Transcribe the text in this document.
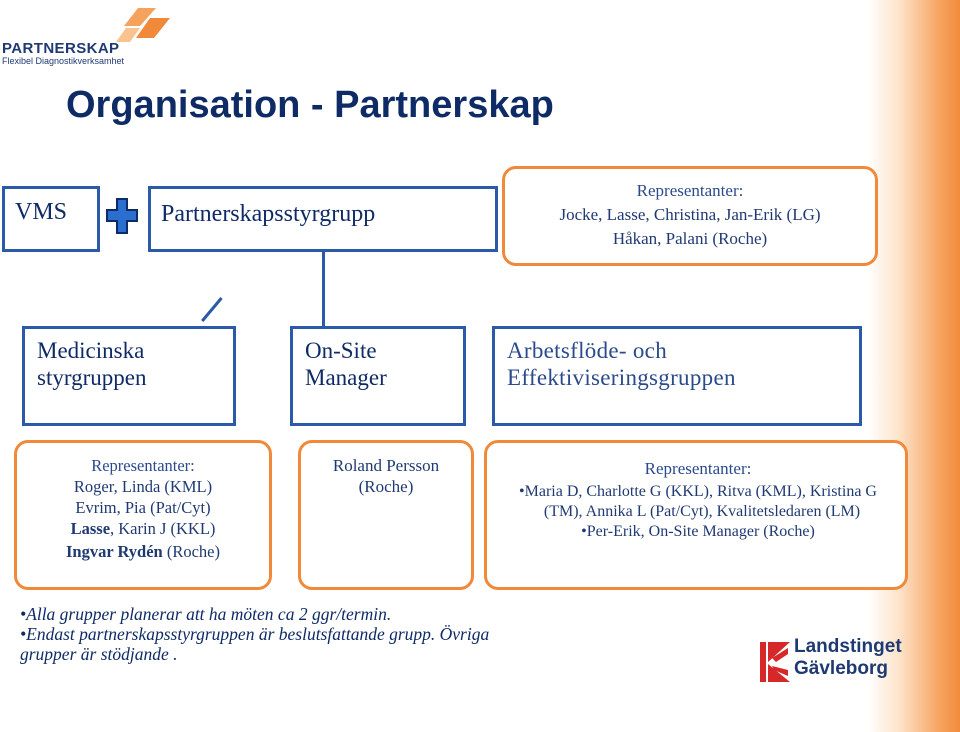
PARTNERSKAP
Flexibel Diagnostikverksamhet
Organisation - Partnerskap
VMS	Partnerskapsstyrgrupp
Representanter:
Jocke, Lasse, Christina, Jan-Erik (LG)
Håkan, Palani (Roche)
Medicinska
styrgruppen
On-Site
Manager
Arbetsflöde- och
Effektiviseringsgruppen
Representanter:
Roger, Linda (KML)
Evrim, Pia (Pat/Cyt)
Lasse, Karin J (KKL)
Ingvar Rydén (Roche)
Roland Persson
(Roche)
Representanter:
•Maria D, Charlotte G (KKL), Ritva (KML), Kristina G (TM), Annika L (Pat/Cyt), Kvalitetsledaren (LM)
•Per-Erik, On-Site Manager (Roche)
•Alla grupper planerar att ha möten ca 2 ggr/termin.
•Endast partnerskapsstyrgruppen är beslutsfattande grupp. Övriga grupper är stödjande .	Landstinget
Gävleborg
